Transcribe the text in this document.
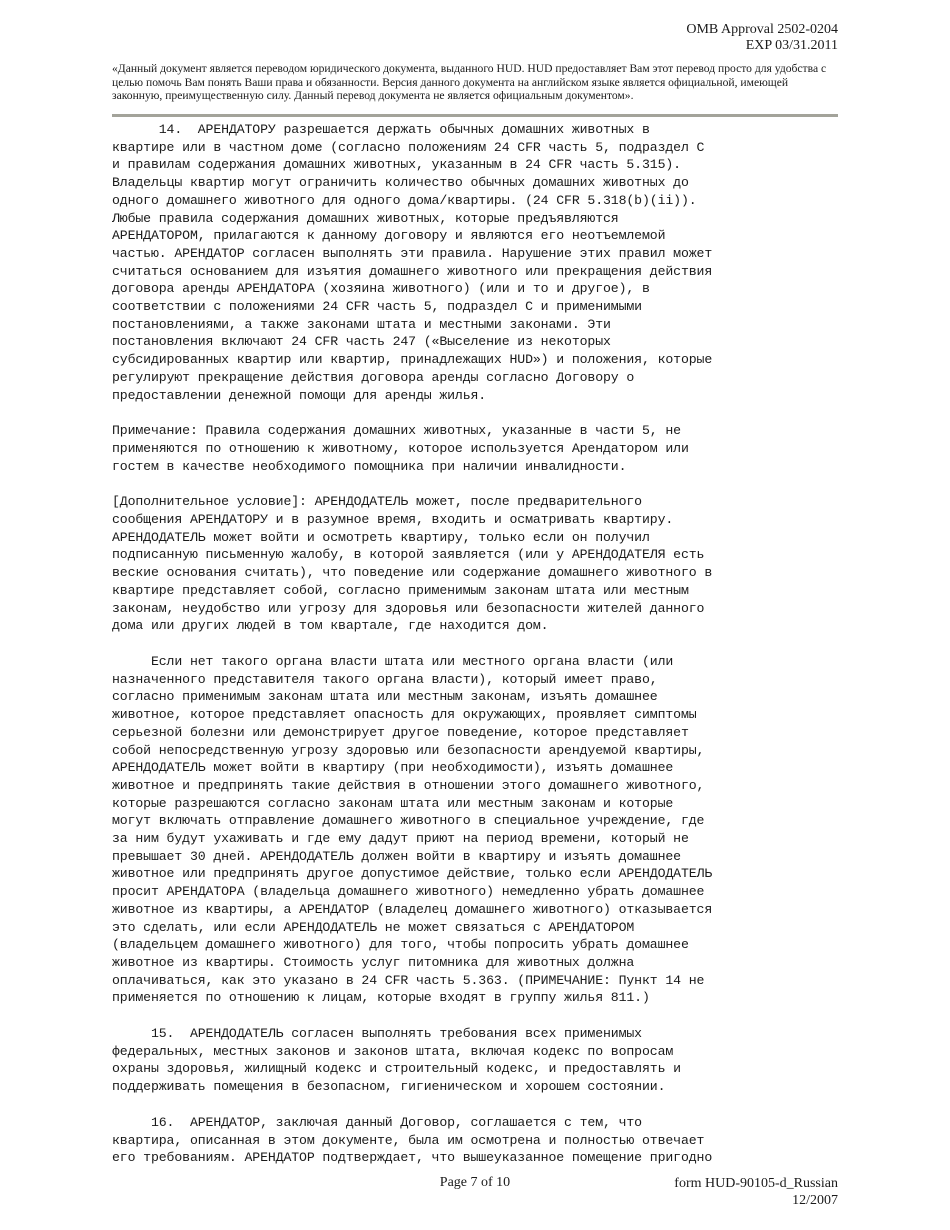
OMB Approval 2502-0204
EXP 03/31.2011
«Данный документ является переводом юридического документа, выданного HUD. HUD предоставляет Вам этот перевод просто для удобства с целью помочь Вам понять Ваши права и обязанности. Версия данного документа на английском языке является официальной, имеющей законную, преимущественную силу. Данный перевод документа не является официальным документом».

14.  АРЕНДАТОРУ разрешается держать обычных домашних животных в
квартире или в частном доме (согласно положениям 24 CFR часть 5, подраздел C
и правилам содержания домашних животных, указанным в 24 CFR часть 5.315).
Владельцы квартир могут ограничить количество обычных домашних животных до
одного домашнего животного для одного дома/квартиры. (24 CFR 5.318(b)(ii)).
Любые правила содержания домашних животных, которые предъявляются
АРЕНДАТОРОМ, прилагаются к данному договору и являются его неотъемлемой
частью. АРЕНДАТОР согласен выполнять эти правила. Нарушение этих правил может
считаться основанием для изъятия домашнего животного или прекращения действия
договора аренды АРЕНДАТОРА (хозяина животного) (или и то и другое), в
соответствии с положениями 24 CFR часть 5, подраздел C и применимыми
постановлениями, а также законами штата и местными законами. Эти
постановления включают 24 CFR часть 247 («Выселение из некоторых
субсидированных квартир или квартир, принадлежащих HUD») и положения, которые
регулируют прекращение действия договора аренды согласно Договору о
предоставлении денежной помощи для аренды жилья.

Примечание: Правила содержания домашних животных, указанные в части 5, не
применяются по отношению к животному, которое используется Арендатором или
гостем в качестве необходимого помощника при наличии инвалидности.

[Дополнительное условие]: АРЕНДОДАТЕЛЬ может, после предварительного
сообщения АРЕНДАТОРУ и в разумное время, входить и осматривать квартиру.
АРЕНДОДАТЕЛЬ может войти и осмотреть квартиру, только если он получил
подписанную письменную жалобу, в которой заявляется (или у АРЕНДОДАТЕЛЯ есть
веские основания считать), что поведение или содержание домашнего животного в
квартире представляет собой, согласно применимым законам штата или местным
законам, неудобство или угрозу для здоровья или безопасности жителей данного
дома или других людей в том квартале, где находится дом.

Если нет такого органа власти штата или местного органа власти (или
назначенного представителя такого органа власти), который имеет право,
согласно применимым законам штата или местным законам, изъять домашнее
животное, которое представляет опасность для окружающих, проявляет симптомы
серьезной болезни или демонстрирует другое поведение, которое представляет
собой непосредственную угрозу здоровью или безопасности арендуемой квартиры,
АРЕНДОДАТЕЛЬ может войти в квартиру (при необходимости), изъять домашнее
животное и предпринять такие действия в отношении этого домашнего животного,
которые разрешаются согласно законам штата или местным законам и которые
могут включать отправление домашнего животного в специальное учреждение, где
за ним будут ухаживать и где ему дадут приют на период времени, который не
превышает 30 дней. АРЕНДОДАТЕЛЬ должен войти в квартиру и изъять домашнее
животное или предпринять другое допустимое действие, только если АРЕНДОДАТЕЛЬ
просит АРЕНДАТОРА (владельца домашнего животного) немедленно убрать домашнее
животное из квартиры, а АРЕНДАТОР (владелец домашнего животного) отказывается
это сделать, или если АРЕНДОДАТЕЛЬ не может связаться с АРЕНДАТОРОМ
(владельцем домашнего животного) для того, чтобы попросить убрать домашнее
животное из квартиры. Стоимость услуг питомника для животных должна
оплачиваться, как это указано в 24 CFR часть 5.363. (ПРИМЕЧАНИЕ: Пункт 14 не
применяется по отношению к лицам, которые входят в группу жилья 811.)

15.  АРЕНДОДАТЕЛЬ согласен выполнять требования всех применимых
федеральных, местных законов и законов штата, включая кодекс по вопросам
охраны здоровья, жилищный кодекс и строительный кодекс, и предоставлять и
поддерживать помещения в безопасном, гигиеническом и хорошем состоянии.

16.  АРЕНДАТОР, заключая данный Договор, соглашается с тем, что
квартира, описанная в этом документе, была им осмотрена и полностью отвечает
его требованиям. АРЕНДАТОР подтверждает, что вышеуказанное помещение пригодно

Page 7 of 10	form HUD-90105-d_Russian
12/2007
